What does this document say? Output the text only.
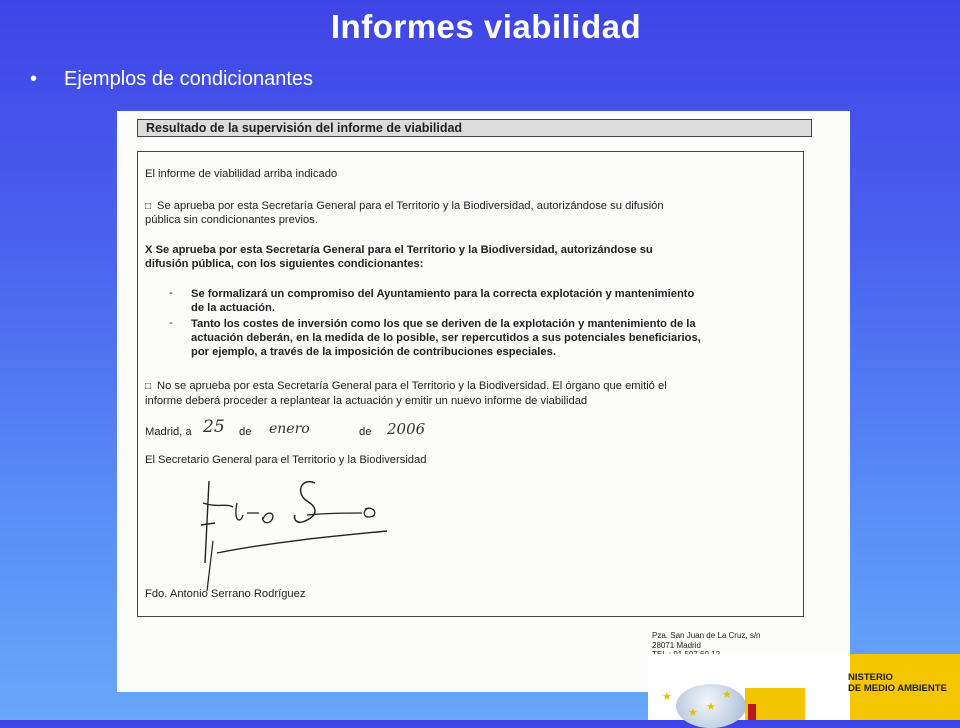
Informes viabilidad
• Ejemplos de condicionantes
Resultado de la supervisión del informe de viabilidad
El informe de viabilidad arriba indicado
□ Se aprueba por esta Secretaría General para el Territorio y la Biodiversidad, autorizándose su difusión
pública sin condicionantes previos.
X Se aprueba por esta Secretaría General para el Territorio y la Biodiversidad, autorizándose su
difusión pública, con los siguientes condicionantes:
- Se formalizará un compromiso del Ayuntamiento para la correcta explotación y mantenimiento
de la actuación.
- Tanto los costes de inversión como los que se deriven de la explotación y mantenimiento de la
actuación deberán, en la medida de lo posible, ser repercutidos a sus potenciales beneficiarios,
por ejemplo, a través de la imposición de contribuciones especiales.
□ No se aprueba por esta Secretaría General para el Territorio y la Biodiversidad. El órgano que emitió el
informe deberá proceder a replantear la actuación y emitir un nuevo informe de viabilidad
Madrid, a 25 de enero	de 2006
El Secretario General para el Territorio y la Biodiversidad
Fdo. Antonio Serrano Rodríguez
Pza. San Juan de La Cruz, s/n
28071 Madrid
★
★ ★
★
NISTERIO
DE MEDIO AMBIENTE
